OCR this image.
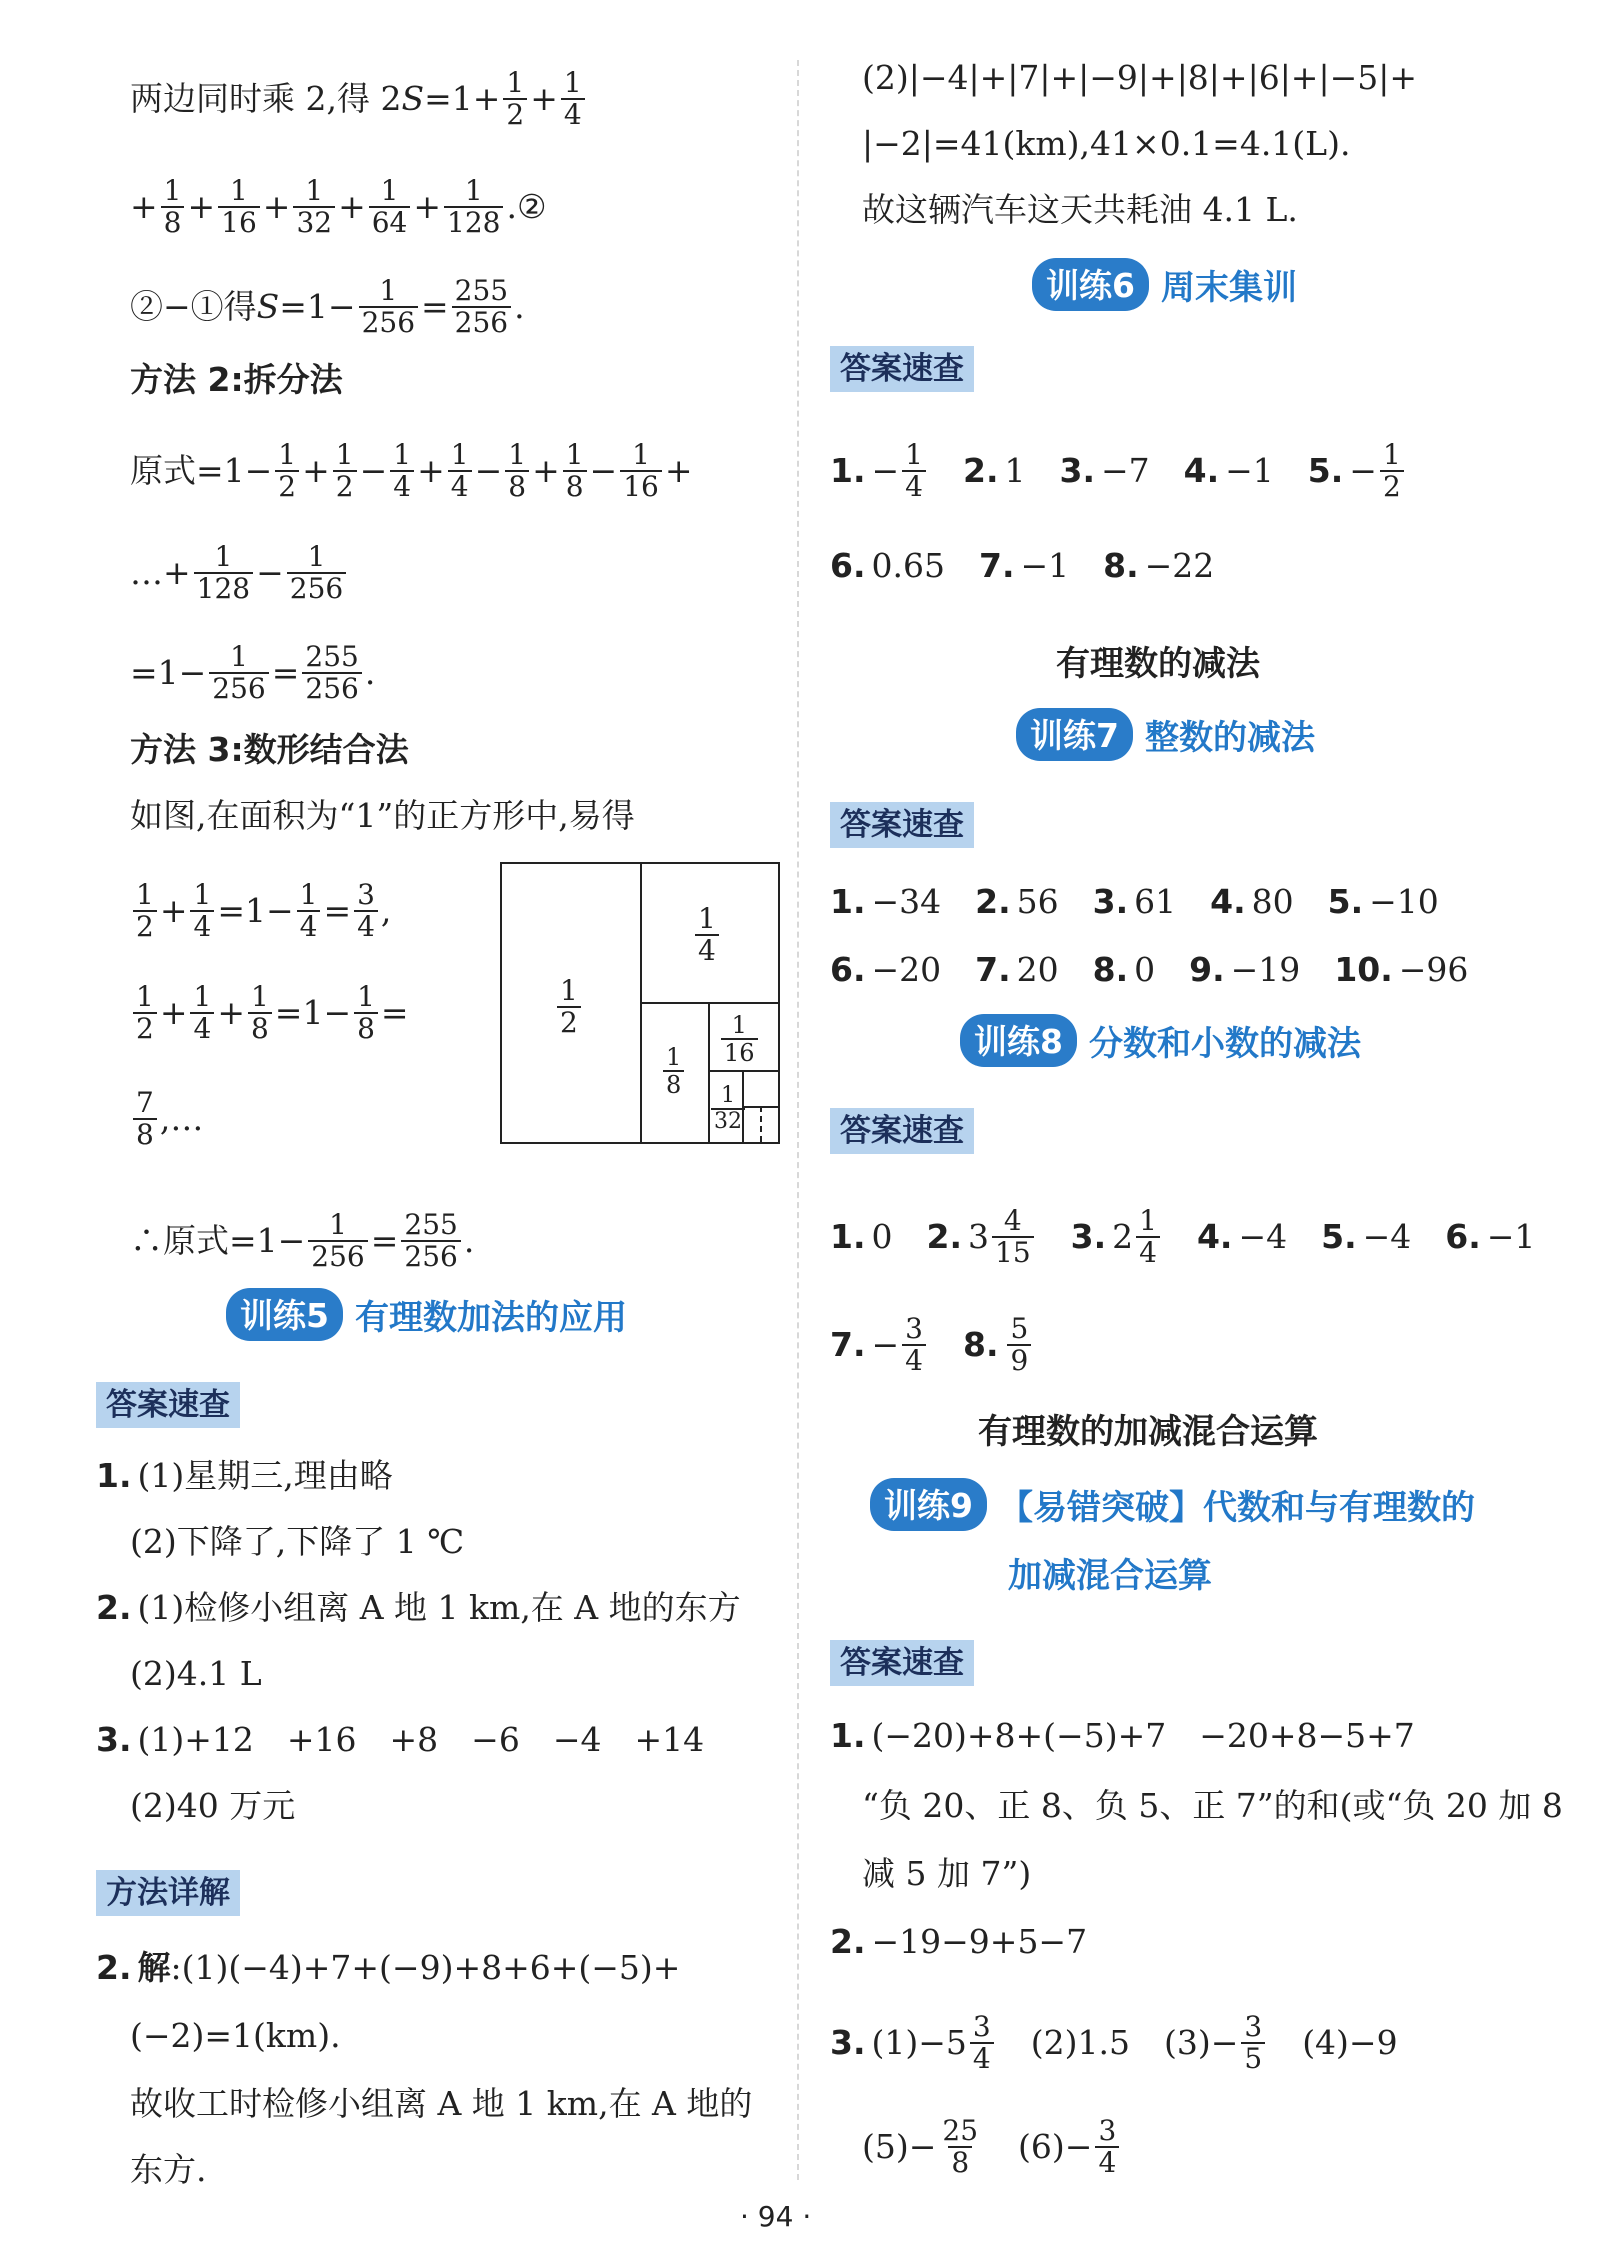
两边同时乘 2,得 2 $S =1+ \frac{1}{2} + \frac{1}{4}$
+ $\frac{1}{8} + \frac{1}{16} + \frac{1}{32} + \frac{1}{64} + \frac{1}{128}$ .②
②−①得 $S =1- \frac{1}{256} = \frac{255}{256}$ .
方法 2:拆分法
原式$=1- \frac{1}{2} + \frac{1}{2} - \frac{1}{4} + \frac{1}{4} - \frac{1}{8} + \frac{1}{8} - \frac{1}{16}$ +
…+ $\frac{1}{128} - \frac{1}{256}$
$=1- \frac{1}{256} = \frac{255}{256}$ .
方法 3:数形结合法
如图,在面积为“1”的正方形中,易得
$\frac{1}{2} + \frac{1}{4} =1- \frac{1}{4} = \frac{3}{4}$ ,
$\frac{1}{2} + \frac{1}{4} + \frac{1}{8} =1- \frac{1}{8}$ =
$\frac{7}{8}$ ,…
∴原式$=1- \frac{1}{256} = \frac{255}{256}$ .
训练5 有理数加法的应用
答案速查
1. (1)星期三,理由略
(2)下降了,下降了 1 ℃
2. (1)检修小组离 A 地 1 km,在 A 地的东方
(2)4.1 L
3. (1)+12　+16　+8　−6　−4　+14
(2)40 万元
方法详解
2. 解 :(1)(−4)+7+(−9)+8+6+(−5)+
(−2)=1(km).
故收工时检修小组离 A 地 1 km,在 A 地的
东方.
$\frac{1}{2}$
$\frac{1}{4}$
$\frac{1}{8}$
$\frac{1}{16}$
$\frac{1}{32}$
(2)|−4|+|7|+|−9|+|8|+|6|+|−5|+
|−2|=41(km),41×0.1=4.1(L).
故这辆汽车这天共耗油 4.1 L.
训练6 周末集训
答案速查
1. − $\frac{1}{4} 2$. 1 3. −7 4. −1 5. − $\frac{1}{2}$
6. 0.65 7. −1 8. −22
有理数的减法
训练7 整数的减法
答案速查
1. −34 2. 56 3. 61 4. 80 5. −10
6. −20 7. 20 8. 0 9. −19 10. −96
训练8 分数和小数的减法
答案速查
1. 0 2. $3 \frac{4}{15} 3$. $2 \frac{1}{4} 4$. −4 5. −4 6. −1
7. − $\frac{3}{4} 8$. $\frac{5}{9}$
有理数的加减混合运算
训练9 【易错突破】代数和与有理数的
加减混合运算
答案速查
1. (−20)+8+(−5)+7　−20+8−5+7
“负 20、正 8、负 5、正 7”的和(或“负 20 加 8
减 5 加 7”)
2. −19−9+5−7
3. $(1)-5 \frac{3}{4} (2)1.5$ $(3)- \frac{3}{5} (4)-9$
$(5)- \frac{25}{8} (6)- \frac{3}{4}$
· 94 ·
